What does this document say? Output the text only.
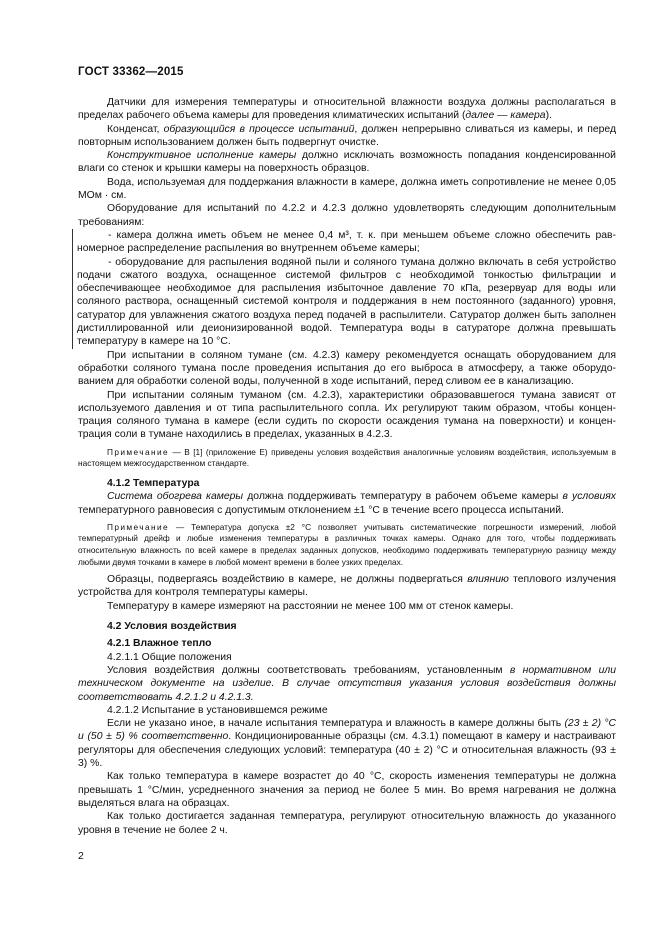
ГОСТ 33362—2015

Датчики для измерения температуры и относительной влажности воздуха должны располагаться в пределах рабочего объема камеры для проведения климатических испытаний (далее — камера).

Конденсат, образующийся в процессе испытаний, должен непрерывно сливаться из камеры, и перед повторным использованием должен быть подвергнут очистке.

Конструктивное исполнение камеры должно исключать возможность попадания конденсированной влаги со стенок и крышки камеры на поверхность образцов.

Вода, используемая для поддержания влажности в камере, должна иметь сопротивление не менее 0,05 МОм · см.

Оборудование для испытаний по 4.2.2 и 4.2.3 должно удовлетворять следующим дополнительным требованиям:

- камера должна иметь объем не менее 0,4 м³, т. к. при меньшем объеме сложно обеспечить равномерное распределение распыления во внутреннем объеме камеры;

- оборудование для распыления водяной пыли и соляного тумана должно включать в себя устройство подачи сжатого воздуха, оснащенное системой фильтров с необходимой тонкостью фильтрации и обеспечивающее необходимое для распыления избыточное давление 70 кПа, резервуар для воды или соляного раствора, оснащенный системой контроля и поддержания в нем постоянного (заданного) уровня, сатуратор для увлажнения сжатого воздуха перед подачей в распылители. Сатуратор должен быть заполнен дистиллированной или деионизированной водой. Температура воды в сатураторе должна превышать температуру в камере на 10 °С.

При испытании в соляном тумане (см. 4.2.3) камеру рекомендуется оснащать оборудованием для обработки соляного тумана после проведения испытания до его выброса в атмосферу, а также оборудованием для обработки соленой воды, полученной в ходе испытаний, перед сливом ее в канализацию.

При испытании соляным туманом (см. 4.2.3), характеристики образовавшегося тумана зависят от используемого давления и от типа распылительного сопла. Их регулируют таким образом, чтобы концентрация соляного тумана в камере (если судить по скорости осаждения тумана на поверхности) и концентрация соли в тумане находились в пределах, указанных в 4.2.3.

Примечание — В [1] (приложение Е) приведены условия воздействия аналогичные условиям воздействия, используемым в настоящем межгосударственном стандарте.

4.1.2 Температура

Система обогрева камеры должна поддерживать температуру в рабочем объеме камеры в условиях температурного равновесия с допустимым отклонением ±1 °С в течение всего процесса испытаний.

Примечание — Температура допуска ±2 °С позволяет учитывать систематические погрешности измерений, любой температурный дрейф и любые изменения температуры в различных точках камеры. Однако для того, чтобы поддерживать относительную влажность по всей камере в пределах заданных допусков, необходимо поддерживать температурную разницу между любыми двумя точками в камере в любой момент времени в более узких пределах.

Образцы, подвергаясь воздействию в камере, не должны подвергаться влиянию теплового излучения устройства для контроля температуры камеры.

Температуру в камере измеряют на расстоянии не менее 100 мм от стенок камеры.

4.2 Условия воздействия
4.2.1 Влажное тепло
4.2.1.1 Общие положения

Условия воздействия должны соответствовать требованиям, установленным в нормативном или техническом документе на изделие. В случае отсутствия указания условия воздействия должны соответствовать 4.2.1.2 и 4.2.1.3.

4.2.1.2 Испытание в установившемся режиме

Если не указано иное, в начале испытания температура и влажность в камере должны быть (23 ± 2) °С и (50 ± 5) % соответственно. Кондиционированные образцы (см. 4.3.1) помещают в камеру и настраивают регуляторы для обеспечения следующих условий: температура (40 ± 2) °С и относительная влажность (93 ± 3) %.

Как только температура в камере возрастет до 40 °С, скорость изменения температуры не должна превышать 1 °С/мин, усредненного значения за период не более 5 мин. Во время нагревания не должна выделяться влага на образцах.

Как только достигается заданная температура, регулируют относительную влажность до указанного уровня в течение не более 2 ч.

2
